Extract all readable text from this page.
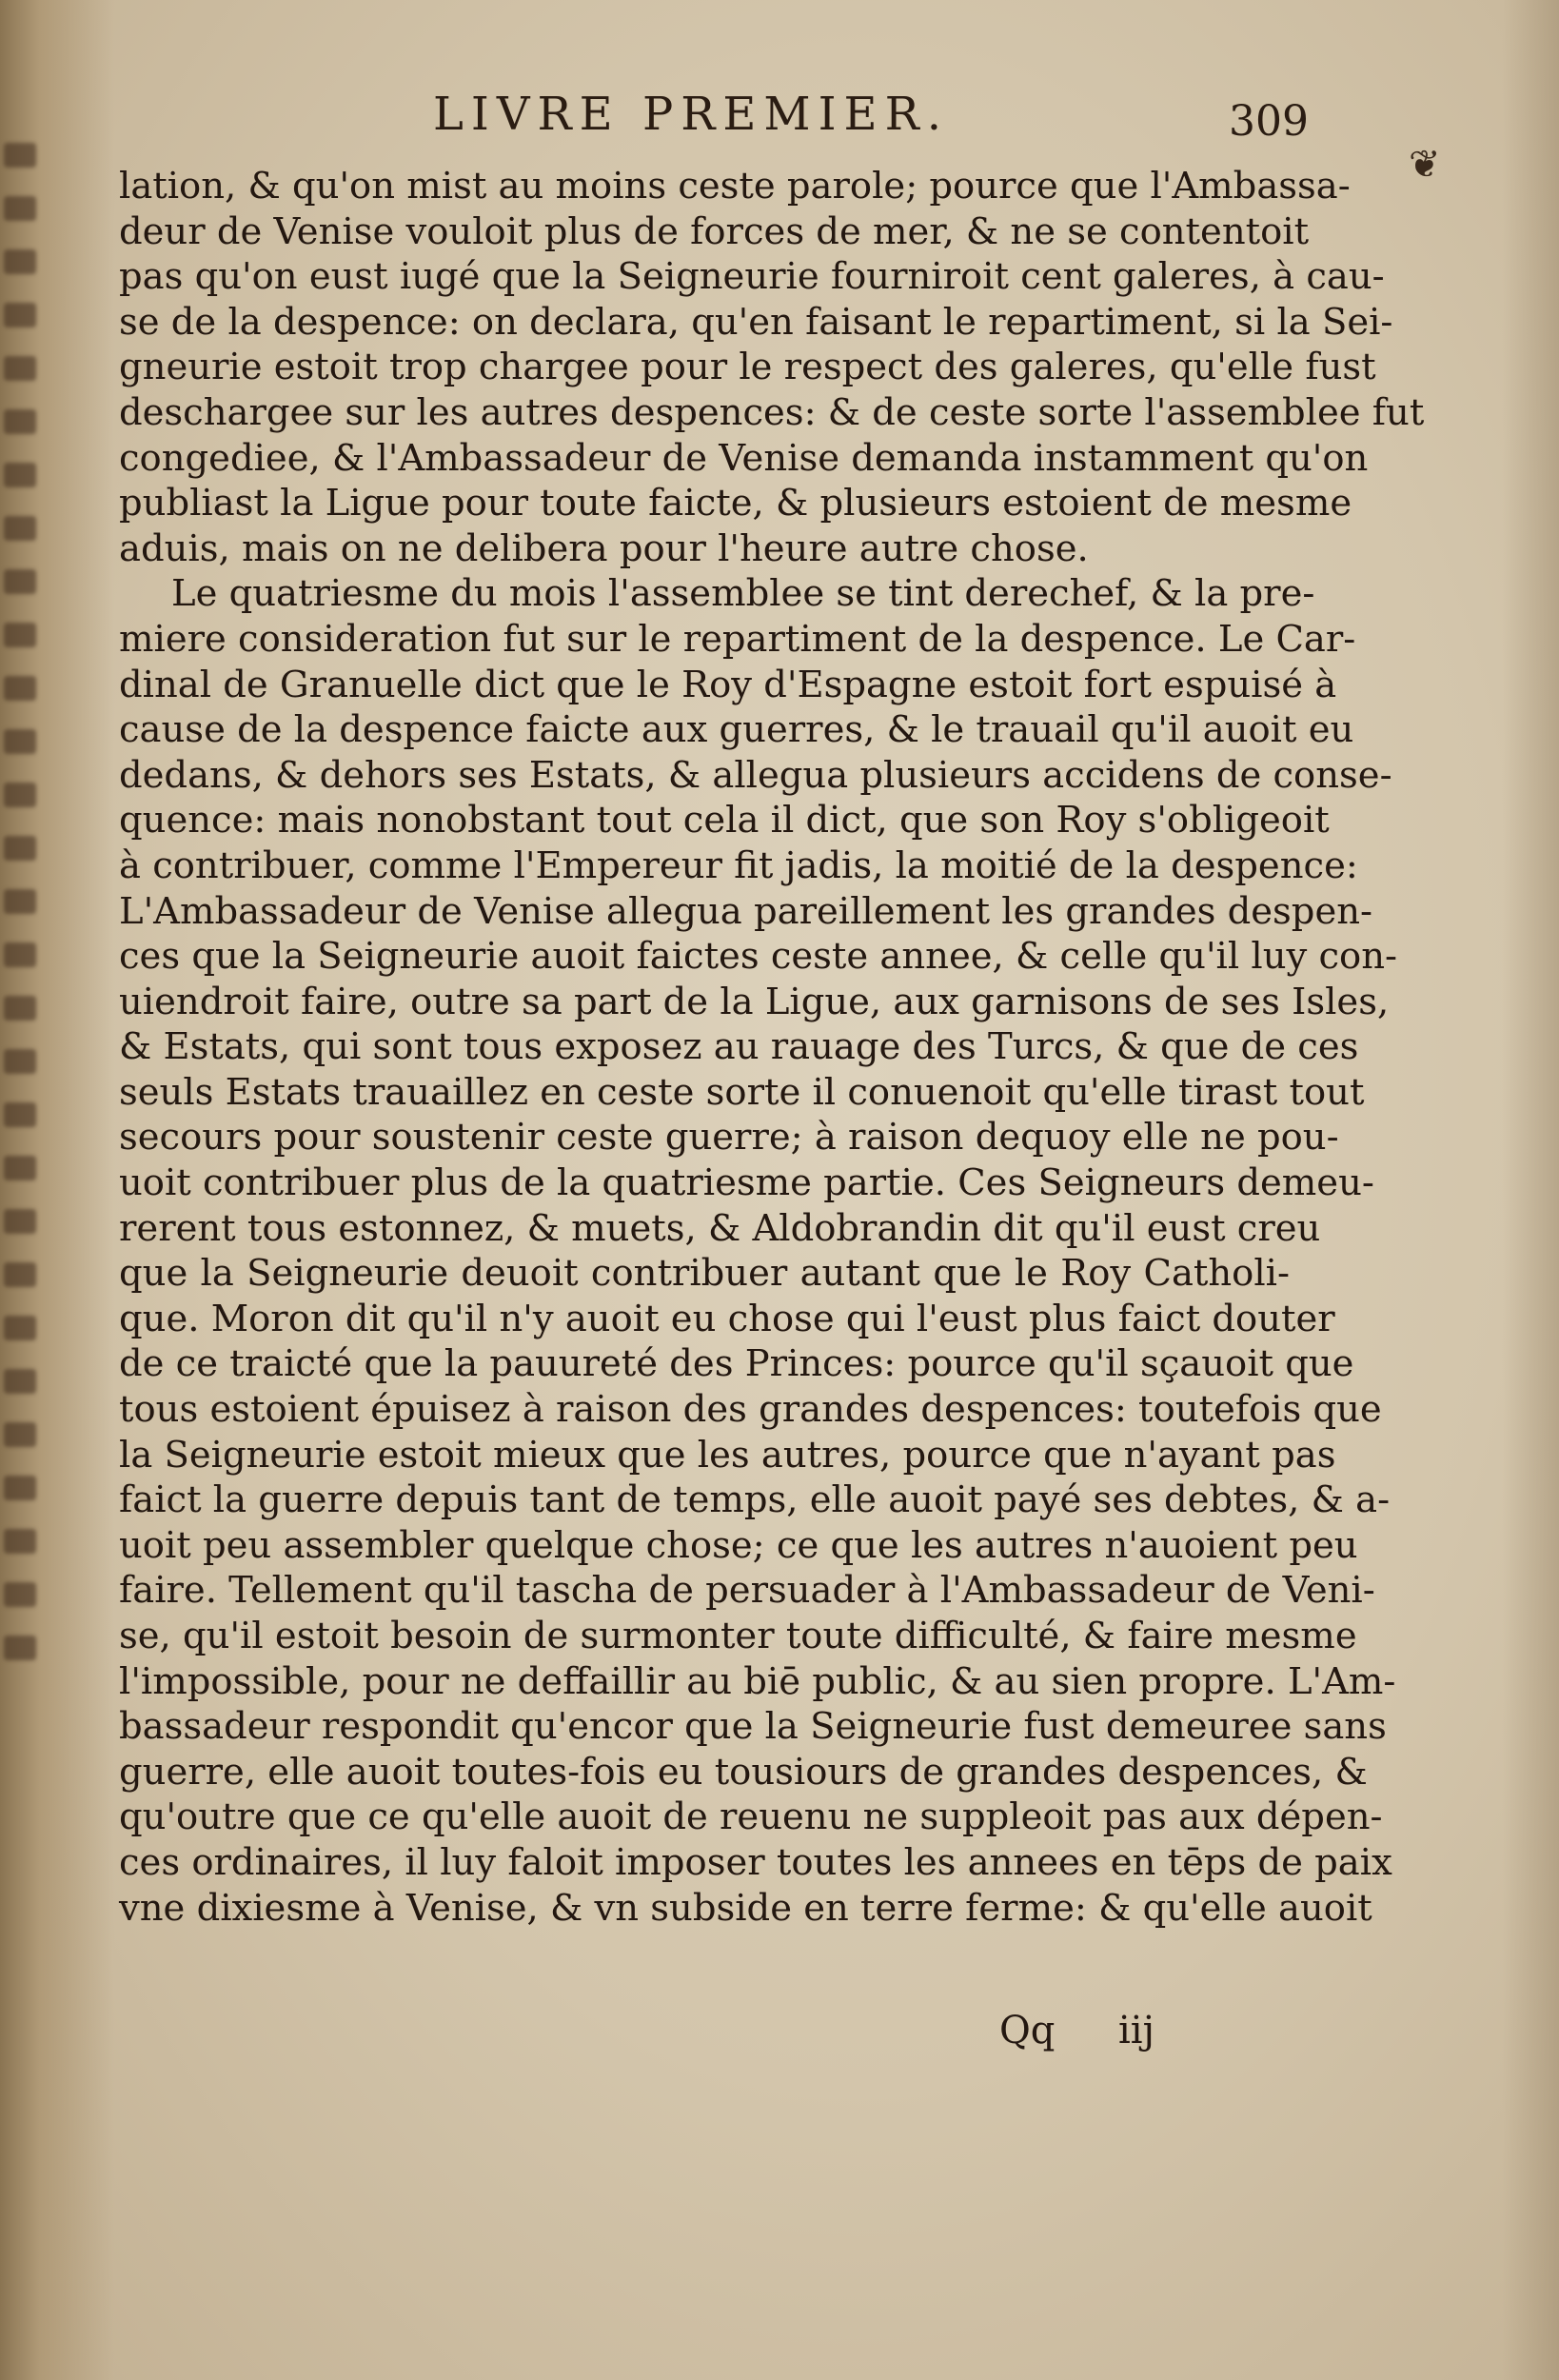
LIVRE PREMIER.	309
❦
lation, & qu'on mist au moins ceste parole; pource que l'Ambassa-
deur de Venise vouloit plus de forces de mer, & ne se contentoit
pas qu'on eust iugé que la Seigneurie fourniroit cent galeres, à cau-
se de la despence: on declara, qu'en faisant le repartiment, si la Sei-
gneurie estoit trop chargee pour le respect des galeres, qu'elle fust
deschargee sur les autres despences: & de ceste sorte l'assemblee fut
congediee, & l'Ambassadeur de Venise demanda instamment qu'on
publiast la Ligue pour toute faicte, & plusieurs estoient de mesme
aduis, mais on ne delibera pour l'heure autre chose.
Le quatriesme du mois l'assemblee se tint derechef, & la pre-
miere consideration fut sur le repartiment de la despence. Le Car-
dinal de Granuelle dict que le Roy d'Espagne estoit fort espuisé à
cause de la despence faicte aux guerres, & le trauail qu'il auoit eu
dedans, & dehors ses Estats, & allegua plusieurs accidens de conse-
quence: mais nonobstant tout cela il dict, que son Roy s'obligeoit
à contribuer, comme l'Empereur fit jadis, la moitié de la despence:
L'Ambassadeur de Venise allegua pareillement les grandes despen-
ces que la Seigneurie auoit faictes ceste annee, & celle qu'il luy con-
uiendroit faire, outre sa part de la Ligue, aux garnisons de ses Isles,
& Estats, qui sont tous exposez au rauage des Turcs, & que de ces
seuls Estats trauaillez en ceste sorte il conuenoit qu'elle tirast tout
secours pour soustenir ceste guerre; à raison dequoy elle ne pou-
uoit contribuer plus de la quatriesme partie. Ces Seigneurs demeu-
rerent tous estonnez, & muets, & Aldobrandin dit qu'il eust creu
que la Seigneurie deuoit contribuer autant que le Roy Catholi-
que. Moron dit qu'il n'y auoit eu chose qui l'eust plus faict douter
de ce traicté que la pauureté des Princes: pource qu'il sçauoit que
tous estoient épuisez à raison des grandes despences: toutefois que
la Seigneurie estoit mieux que les autres, pource que n'ayant pas
faict la guerre depuis tant de temps, elle auoit payé ses debtes, & a-
uoit peu assembler quelque chose; ce que les autres n'auoient peu
faire. Tellement qu'il tascha de persuader à l'Ambassadeur de Veni-
se, qu'il estoit besoin de surmonter toute difficulté, & faire mesme
l'impossible, pour ne deffaillir au biē public, & au sien propre. L'Am-
bassadeur respondit qu'encor que la Seigneurie fust demeuree sans
guerre, elle auoit toutes-fois eu tousiours de grandes despences, &
qu'outre que ce qu'elle auoit de reuenu ne suppleoit pas aux dépen-
ces ordinaires, il luy faloit imposer toutes les annees en tēps de paix
vne dixiesme à Venise, & vn subside en terre ferme: & qu'elle auoit
Qq iij
